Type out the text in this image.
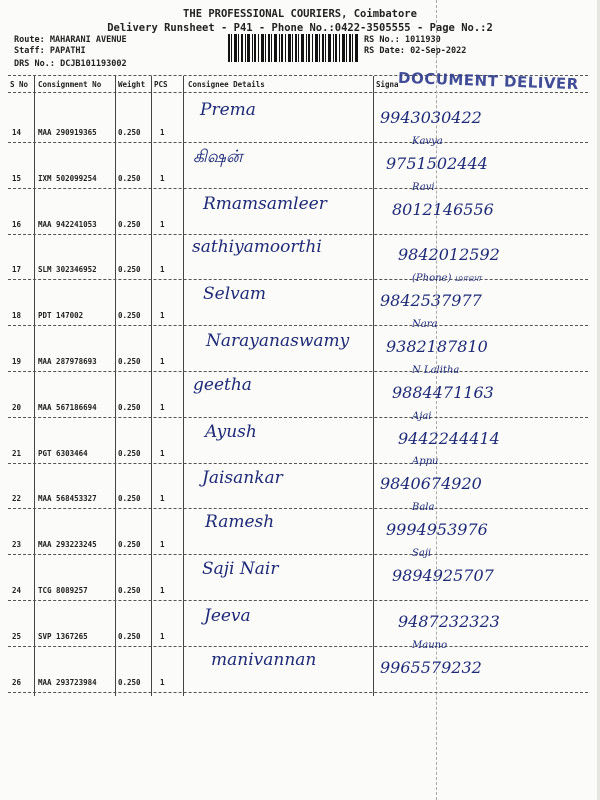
THE PROFESSIONAL COURIERS, Coimbatore
Delivery Runsheet - P41 - Phone No.:0422-3505555 - Page No.:2
Route: MAHARANI AVENUE
Staff: PAPATHI
DRS No.: DCJB101193002
RS No.: 1011930
RS Date: 02-Sep-2022
S No Consignment No Weight PCS	Consignee Details	Signa DOCUMENT DELIVER
14 MAA 290919365	0.250	1
Prema	9943030422
15 IXM 502099254	0.250	1
கிஷன்
Kavya
9751502444
16 MAA 942241053	0.250	1
Rmamsamleer
Ravi
8012146556
17 SLM 302346952	0.250	1
sathiyamoorthi	9842012592
18 PDT 147002	0.250	1
Selvam
(Phone) மாலா
9842537977
19 MAA 287978693	0.250	1
Narayanaswamy
Nara
9382187810
20 MAA 567186694	0.250	1
geetha
N Lalitha
9884471163
21 PGT 6303464	0.250	1
Ayush
Ajai
9442244414
22 MAA 568453327	0.250	1
Jaisankar
Appu
9840674920
23 MAA 293223245	0.250	1
Ramesh
Bala
9994953976
24 TCG 8089257	0.250	1
Saji Nair
Saji
9894925707
25 SVP 1367265	0.250	1
Jeeva	9487232323
26 MAA 293723984	0.250	1
manivannan
Mauno
9965579232
